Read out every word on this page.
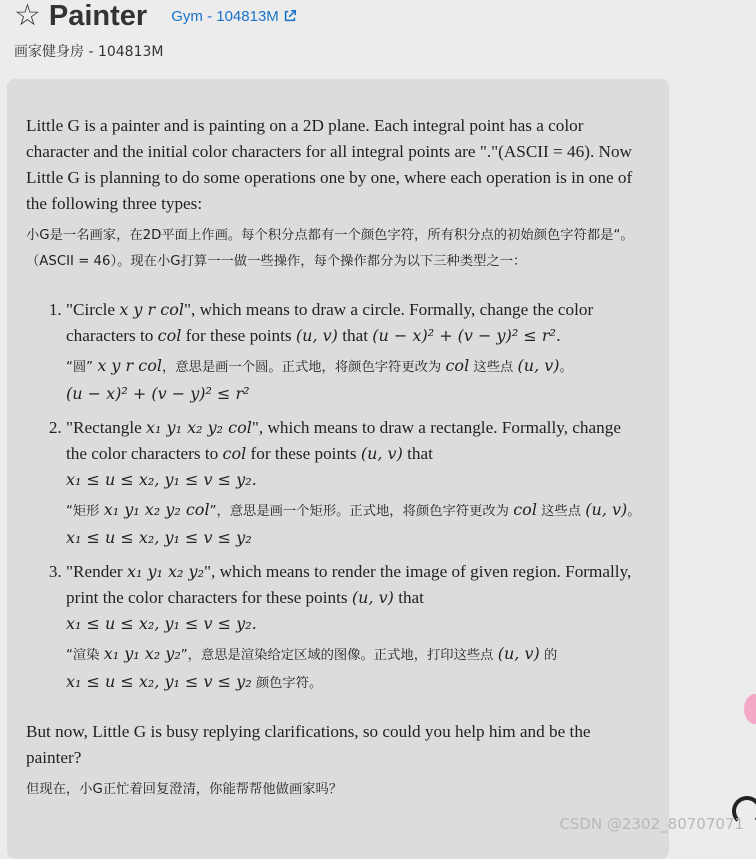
☆ Painter Gym - 104813M
画家健身房 - 104813M

Little G is a painter and is painting on a 2D plane. Each integral point has a color character and the initial color characters for all integral points are "."(ASCII = 46). Now Little G is planning to do some operations one by one, where each operation is in one of the following three types:

小G是一名画家，在2D平面上作画。每个积分点都有一个颜色字符，所有积分点的初始颜色字符都是“。（ASCII = 46）。现在小G打算一一做一些操作，每个操作都分为以下三种类型之一：

1. "Circle x y r col", which means to draw a circle. Formally, change the color characters to col for these points (u, v) that (u − x)² + (v − y)² ≤ r².
“圆” x y r col，意思是画一个圆。正式地，将颜色字符更改为 col 这些点 (u, v)。
(u − x)² + (v − y)² ≤ r²
2. "Rectangle x₁ y₁ x₂ y₂ col", which means to draw a rectangle. Formally, change the color characters to col for these points (u, v) that
x₁ ≤ u ≤ x₂, y₁ ≤ v ≤ y₂.
“矩形 x₁ y₁ x₂ y₂ col”，意思是画一个矩形。正式地，将颜色字符更改为 col 这些点 (u, v)。x₁ ≤ u ≤ x₂, y₁ ≤ v ≤ y₂
3. "Render x₁ y₁ x₂ y₂", which means to render the image of given region. Formally, print the color characters for these points (u, v) that
x₁ ≤ u ≤ x₂, y₁ ≤ v ≤ y₂.
“渲染 x₁ y₁ x₂ y₂”，意思是渲染给定区域的图像。正式地，打印这些点 (u, v) 的
x₁ ≤ u ≤ x₂, y₁ ≤ v ≤ y₂ 颜色字符。

But now, Little G is busy replying clarifications, so could you help him and be the painter?

但现在，小G正忙着回复澄清，你能帮帮他做画家吗？

CSDN @2302_80707071
